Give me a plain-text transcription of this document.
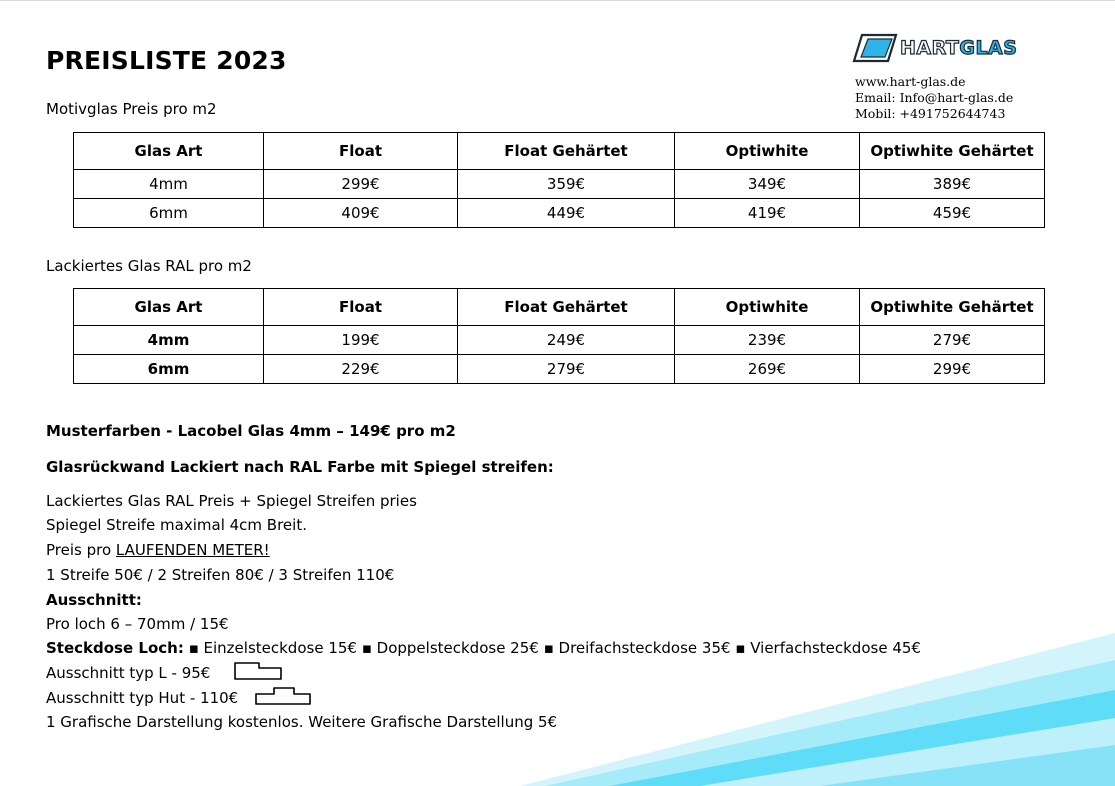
PREISLISTE 2023	HARTGLAS
www.hart-glas.de
Email: Info@hart-glas.de
Mobil: +491752644743
Motivglas Preis pro m2
Glas Art	Float	Float Gehärtet	Optiwhite	Optiwhite Gehärtet
4mm	299€	359€	349€	389€
6mm	409€	449€	419€	459€
Lackiertes Glas RAL pro m2
Glas Art	Float	Float Gehärtet	Optiwhite	Optiwhite Gehärtet
4mm	199€	249€	239€	279€
6mm	229€	279€	269€	299€
Musterfarben - Lacobel Glas 4mm – 149€ pro m2
Glasrückwand Lackiert nach RAL Farbe mit Spiegel streifen:
Lackiertes Glas RAL Preis + Spiegel Streifen pries
Spiegel Streife maximal 4cm Breit.
Preis pro LAUFENDEN METER!
1 Streife 50€ / 2 Streifen 80€ / 3 Streifen 110€
Ausschnitt:
Pro loch 6 – 70mm / 15€
Steckdose Loch: ▪ Einzelsteckdose 15€ ▪ Doppelsteckdose 25€ ▪ Dreifachsteckdose 35€ ▪ Vierfachsteckdose 45€
Ausschnitt typ L - 95€
Ausschnitt typ Hut - 110€
1 Grafische Darstellung kostenlos. Weitere Grafische Darstellung 5€
